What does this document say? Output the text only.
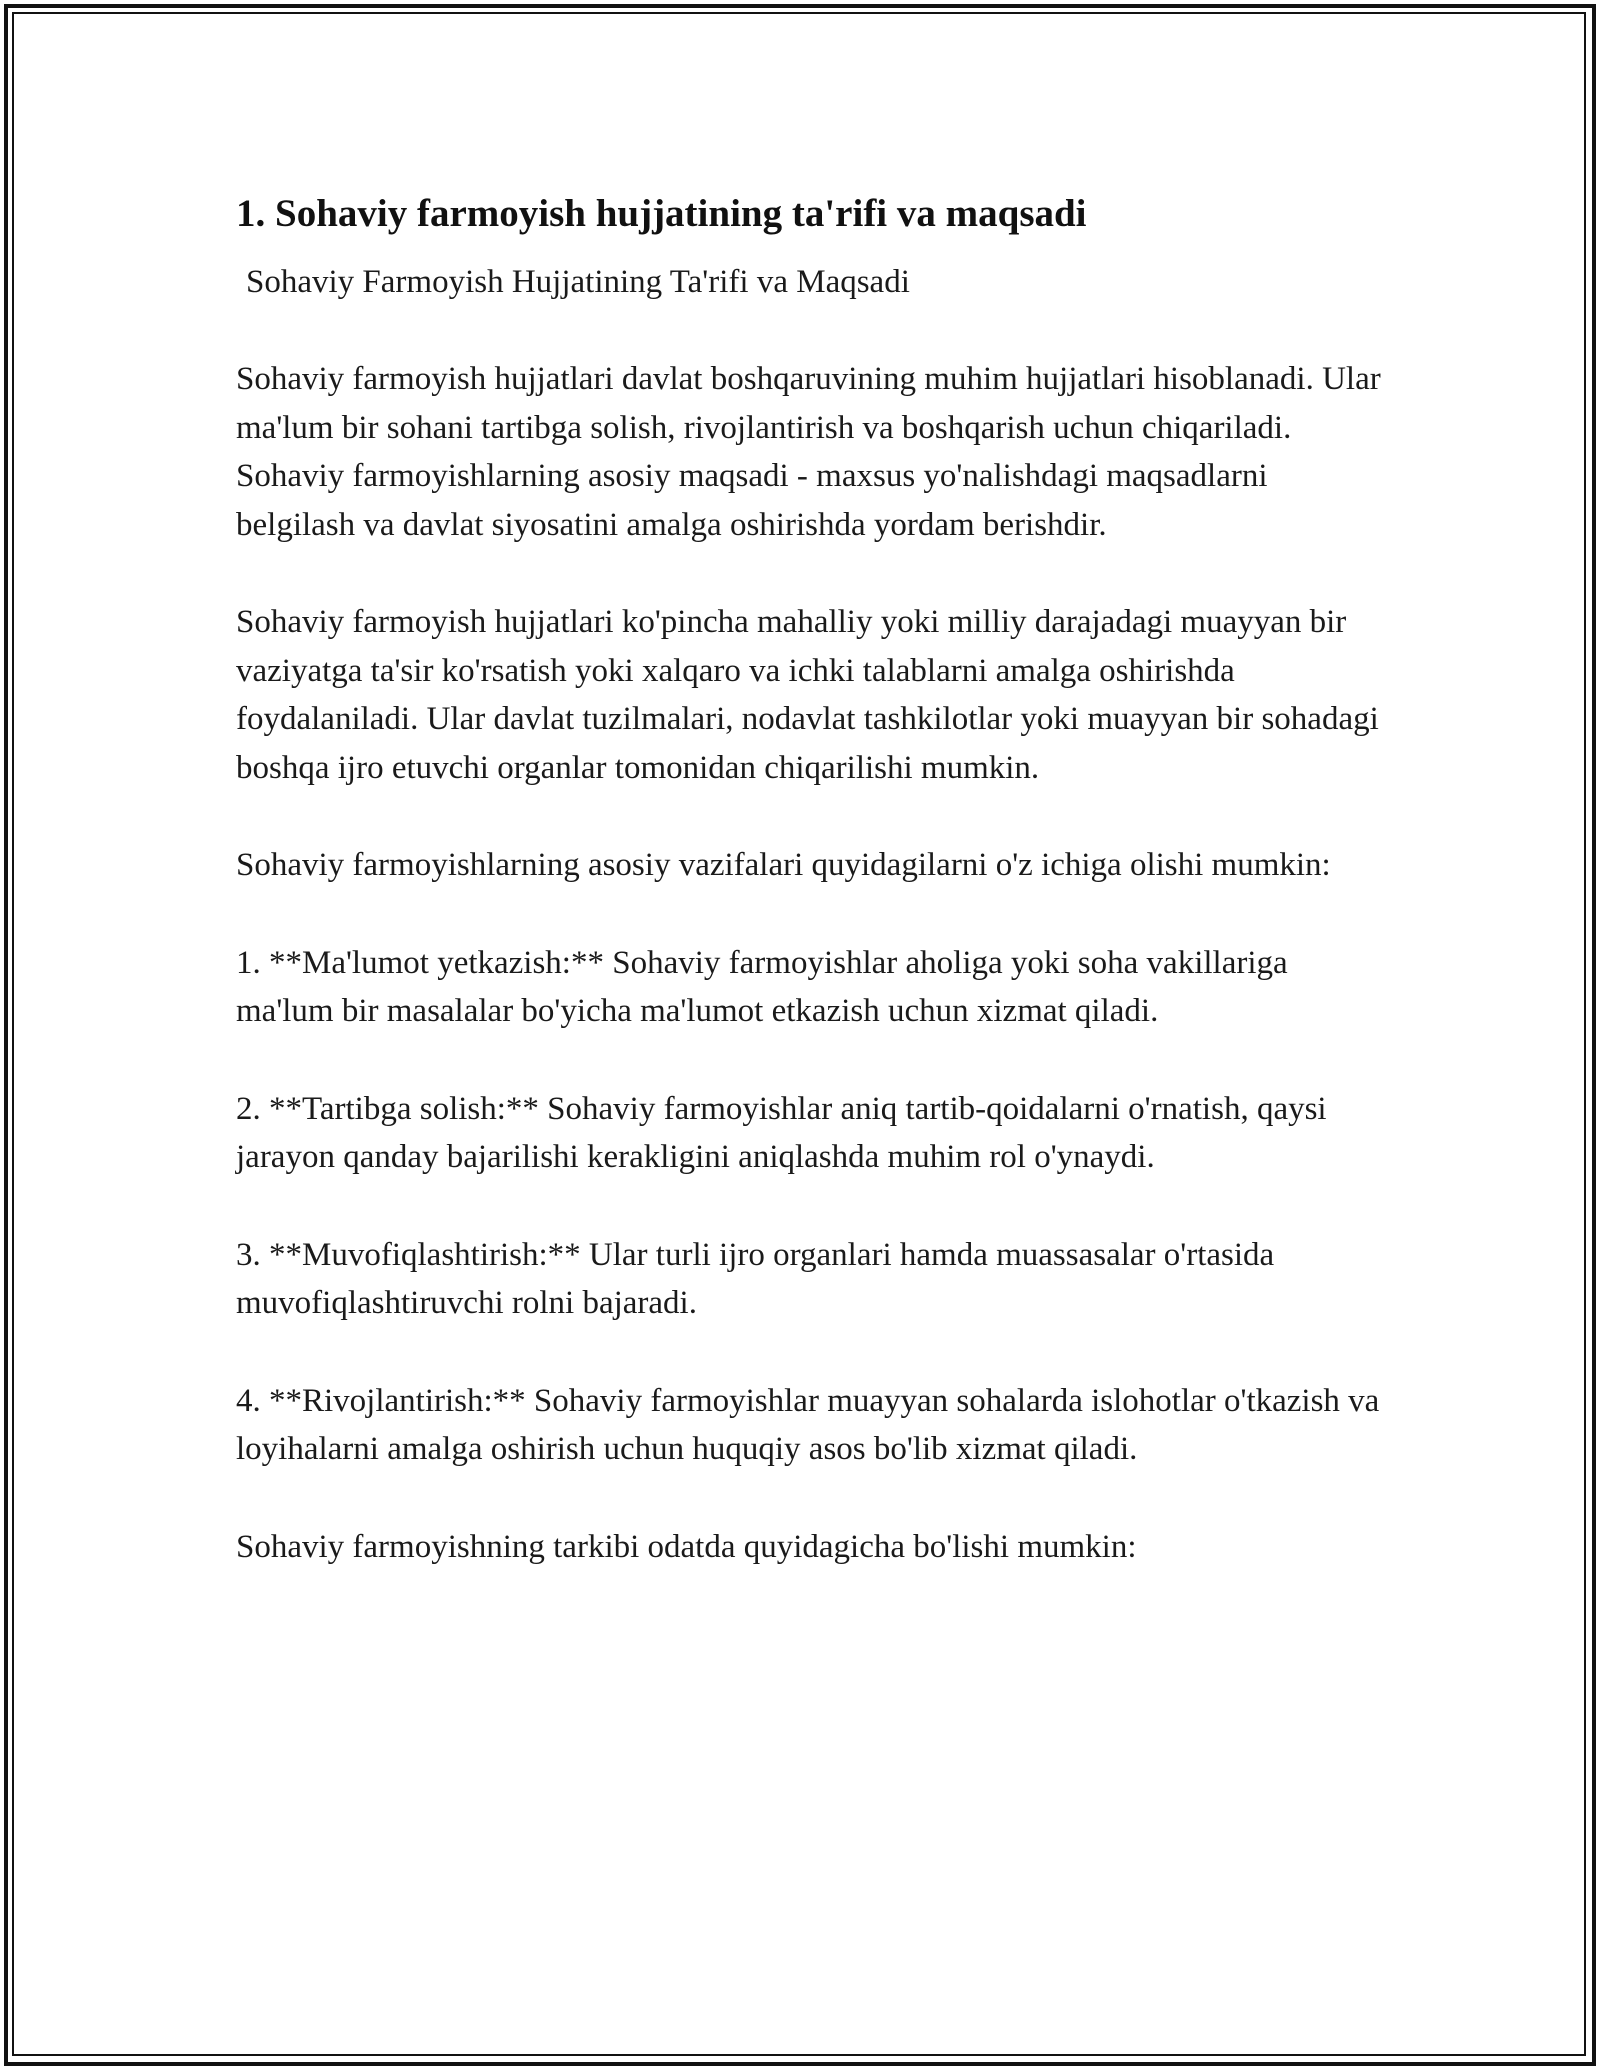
1. Sohaviy farmoyish hujjatining ta'rifi va maqsadi
Sohaviy Farmoyish Hujjatining Ta'rifi va Maqsadi

Sohaviy farmoyish hujjatlari davlat boshqaruvining muhim hujjatlari hisoblanadi. Ular ma'lum bir sohani tartibga solish, rivojlantirish va boshqarish uchun chiqariladi. Sohaviy farmoyishlarning asosiy maqsadi - maxsus yo'nalishdagi maqsadlarni belgilash va davlat siyosatini amalga oshirishda yordam berishdir.

Sohaviy farmoyish hujjatlari ko'pincha mahalliy yoki milliy darajadagi muayyan bir vaziyatga ta'sir ko'rsatish yoki xalqaro va ichki talablarni amalga oshirishda foydalaniladi. Ular davlat tuzilmalari, nodavlat tashkilotlar yoki muayyan bir sohadagi boshqa ijro etuvchi organlar tomonidan chiqarilishi mumkin.

Sohaviy farmoyishlarning asosiy vazifalari quyidagilarni o'z ichiga olishi mumkin:

1. **Ma'lumot yetkazish:** Sohaviy farmoyishlar aholiga yoki soha vakillariga ma'lum bir masalalar bo'yicha ma'lumot etkazish uchun xizmat qiladi.

2. **Tartibga solish:** Sohaviy farmoyishlar aniq tartib-qoidalarni o'rnatish, qaysi jarayon qanday bajarilishi kerakligini aniqlashda muhim rol o'ynaydi.

3. **Muvofiqlashtirish:** Ular turli ijro organlari hamda muassasalar o'rtasida muvofiqlashtiruvchi rolni bajaradi.

4. **Rivojlantirish:** Sohaviy farmoyishlar muayyan sohalarda islohotlar o'tkazish va loyihalarni amalga oshirish uchun huquqiy asos bo'lib xizmat qiladi.

Sohaviy farmoyishning tarkibi odatda quyidagicha bo'lishi mumkin:
